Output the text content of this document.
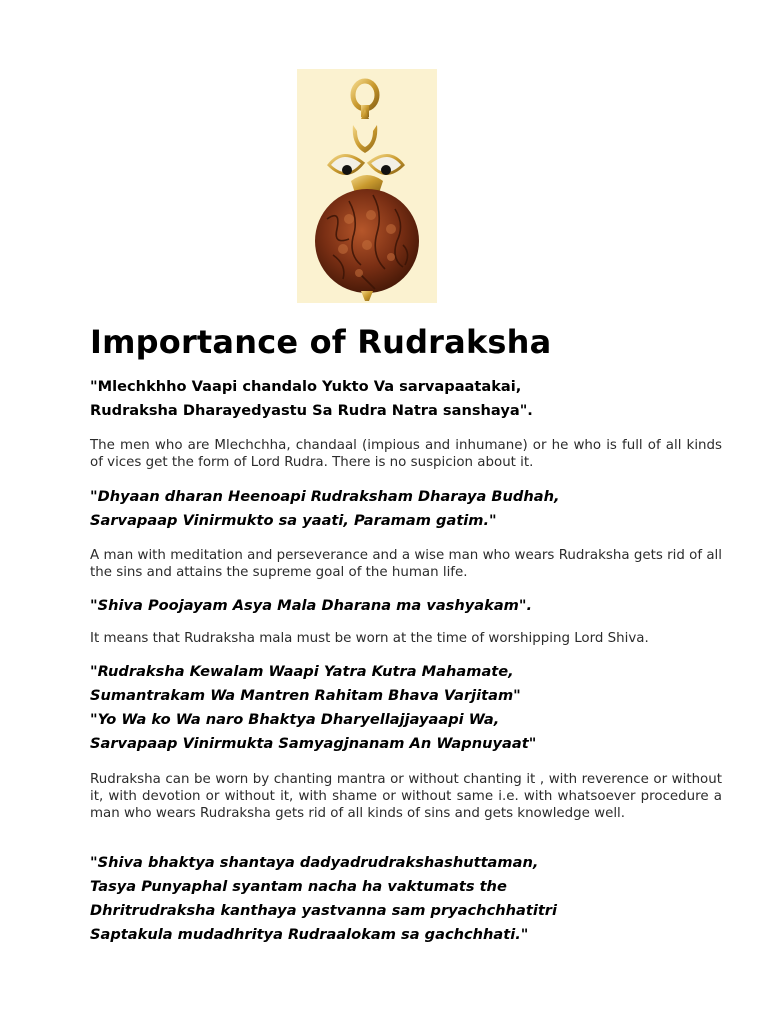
Importance of Rudraksha
"Mlechkhho Vaapi chandalo Yukto Va sarvapaatakai,
Rudraksha Dharayedyastu Sa Rudra Natra sanshaya".

The men who are Mlechchha, chandaal (impious and inhumane) or he who is full of all kinds of vices get the form of Lord Rudra. There is no suspicion about it.

"Dhyaan dharan Heenoapi Rudraksham Dharaya Budhah,
Sarvapaap Vinirmukto sa yaati, Paramam gatim."

A man with meditation and perseverance and a wise man who wears Rudraksha gets rid of all the sins and attains the supreme goal of the human life.

"Shiva Poojayam Asya Mala Dharana ma vashyakam".

It means that Rudraksha mala must be worn at the time of worshipping Lord Shiva.

"Rudraksha Kewalam Waapi Yatra Kutra Mahamate,
Sumantrakam Wa Mantren Rahitam Bhava Varjitam"
"Yo Wa ko Wa naro Bhaktya Dharyellajjayaapi Wa,
Sarvapaap Vinirmukta Samyagjnanam An Wapnuyaat"

Rudraksha can be worn by chanting mantra or without chanting it , with reverence or without it, with devotion or without it, with shame or without same i.e. with whatsoever procedure a man who wears Rudraksha gets rid of all kinds of sins and gets knowledge well.

"Shiva bhaktya shantaya dadyadrudrakshashuttaman,
Tasya Punyaphal syantam nacha ha vaktumats the
Dhritrudraksha kanthaya yastvanna sam pryachchhatitri
Saptakula mudadhritya Rudraalokam sa gachchhati."
